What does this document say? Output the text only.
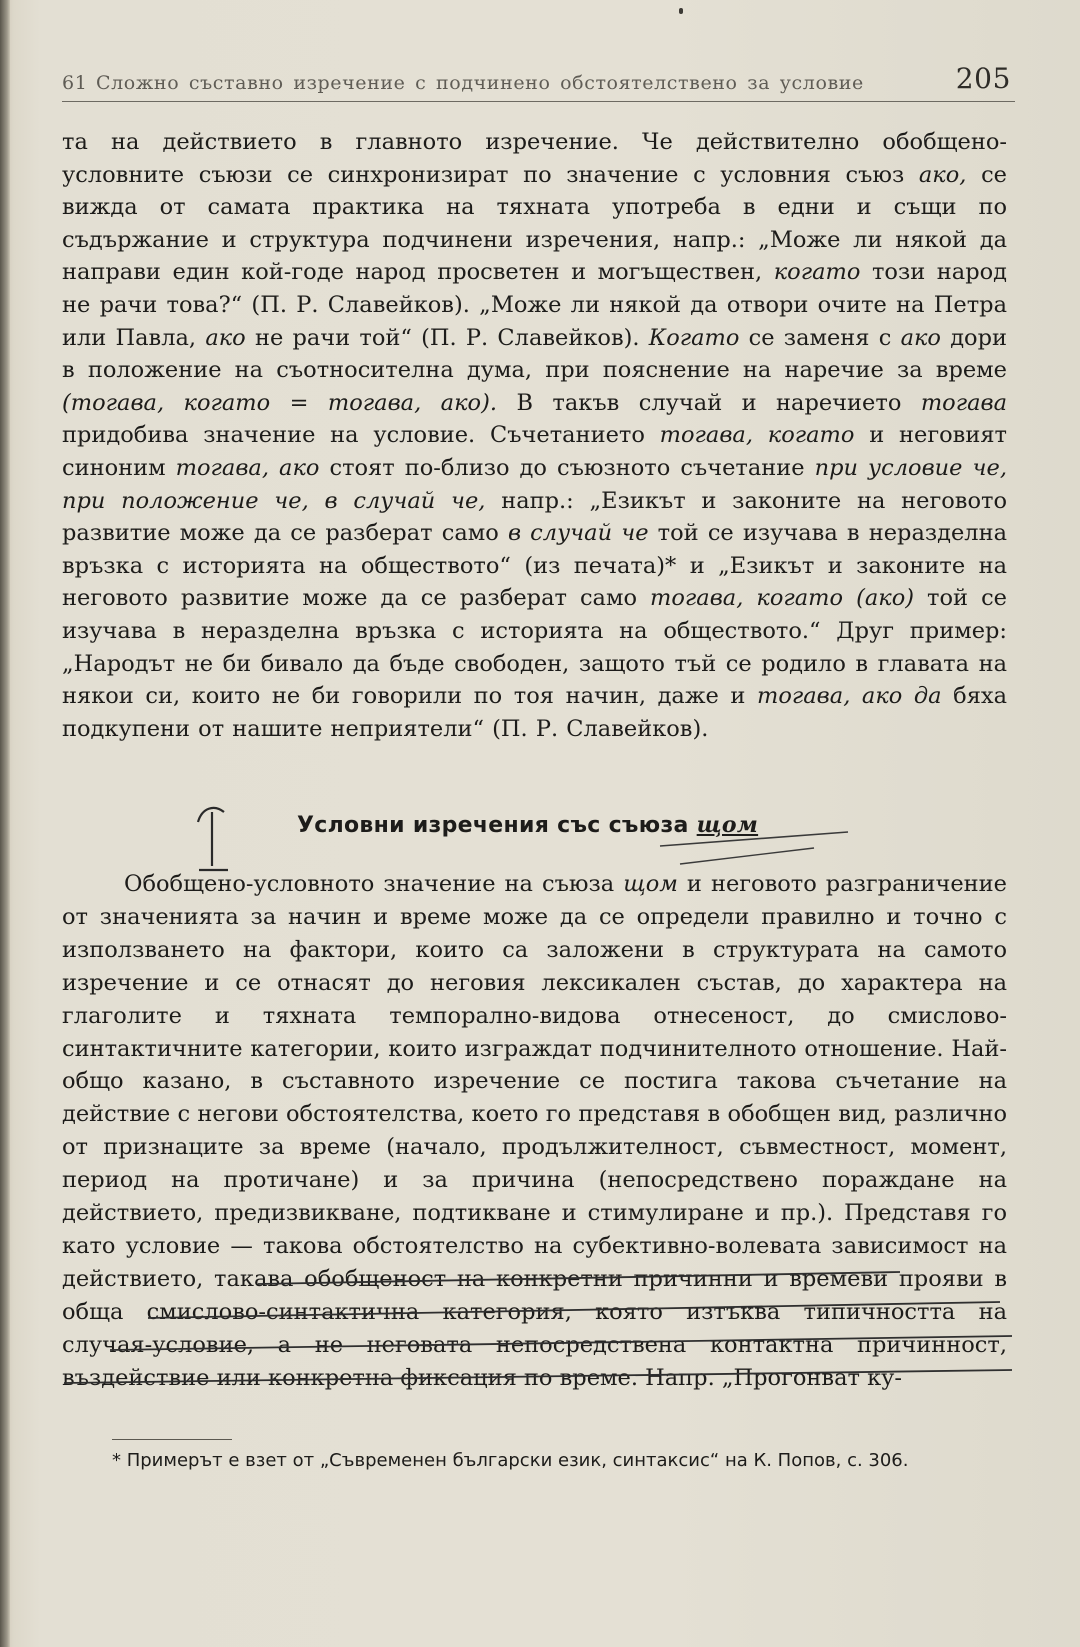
61 Сложно съставно изречение с подчинено обстоятелствено за условие	205

та на действието в главното изречение. Че действително обобщено-условните съюзи се синхронизират по значение с условния съюз ако, се вижда от самата практика на тяхната употреба в едни и същи по съдържание и структура подчинени изречения, напр.: „Може ли някой да направи един кой-годе народ просветен и могъществен, когато този народ не рачи това?“ (П. Р. Славейков). „Може ли някой да отвори очите на Петра или Павла, ако не рачи той“ (П. Р. Славейков). Когато се заменя с ако дори в положение на съотносителна дума, при пояснение на наречие за време (тогава, когато = тогава, ако). В такъв случай и наречието тогава придобива значение на условие. Съчетанието тогава, когато и неговият синоним тогава, ако стоят по-близо до съюзното съчетание при условие че, при положение че, в случай че, напр.: „Езикът и законите на неговото развитие може да се разберат само в случай че той се изучава в неразделна връзка с историята на обществото“ (из печата)* и „Езикът и законите на неговото развитие може да се разберат само тогава, когато (ако) той се изучава в неразделна връзка с историята на обществото.“ Друг пример: „Народът не би бивало да бъде свободен, защото тъй се родило в главата на някои си, които не би говорили по тоя начин, даже и тогава, ако да бяха подкупени от нашите неприятели“ (П. Р. Славейков).

Условни изречения със съюза щом

Обобщено-условното значение на съюза щом и неговото разграничение от значенията за начин и време може да се определи правилно и точно с използването на фактори, които са заложени в структурата на самото изречение и се отнасят до неговия лексикален състав, до характера на глаголите и тяхната темпорално-видова отнесеност, до смислово-синтактичните категории, които изграждат подчинителното отношение. Най-общо казано, в съставното изречение се постига такова съчетание на действие с негови обстоятелства, което го представя в обобщен вид, различно от признаците за време (начало, продължителност, съвместност, момент, период на протичане) и за причина (непосредствено поражданe на действието, предизвикване, подтикване и стимулиране и пр.). Представя го като условие — такова обстоятелство на субективно-волевата зависимост на действието, такава обобщеност на конкретни причинни и времеви прояви в обща смислово-синтактична категория, която изтъква типичността на случая-условие, а не неговата непосредствена контактна причинност, въздействие или конкретна фиксация по време. Напр. „Прогонват ку-

* Примерът е взет от „Съвременен български език, синтаксис“ на К. Попов, с. 306.
